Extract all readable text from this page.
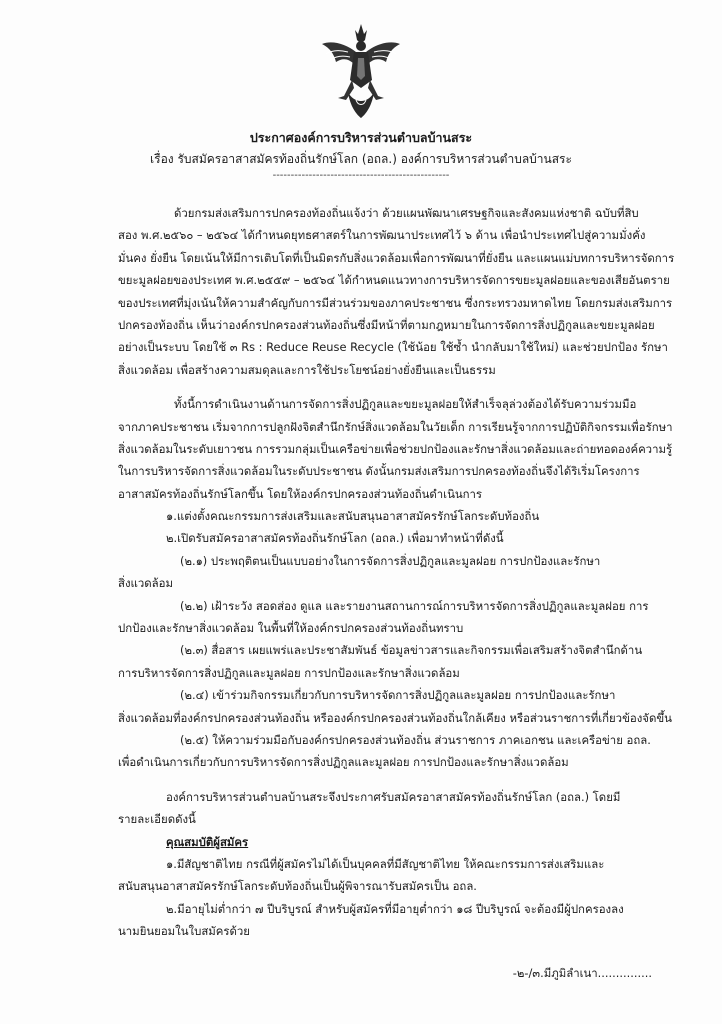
ประกาศองค์การบริหารส่วนตำบลบ้านสระ
เรื่อง รับสมัครอาสาสมัครท้องถิ่นรักษ์โลก (อถล.) องค์การบริหารส่วนตำบลบ้านสระ
-------------------------------------------------
ด้วยกรมส่งเสริมการปกครองท้องถิ่นแจ้งว่า ด้วยแผนพัฒนาเศรษฐกิจและสังคมแห่งชาติ ฉบับที่สิบ
สอง พ.ศ.๒๕๖๐ – ๒๕๖๔ ได้กำหนดยุทธศาสตร์ในการพัฒนาประเทศไว้ ๖ ด้าน เพื่อนำประเทศไปสู่ความมั่งคั่ง
มั่นคง ยั่งยืน โดยเน้นให้มีการเติบโตที่เป็นมิตรกับสิ่งแวดล้อมเพื่อการพัฒนาที่ยั่งยืน และแผนแม่บทการบริหารจัดการ
ขยะมูลฝอยของประเทศ พ.ศ.๒๕๕๙ – ๒๕๖๔ ได้กำหนดแนวทางการบริหารจัดการขยะมูลฝอยและของเสียอันตราย
ของประเทศที่มุ่งเน้นให้ความสำคัญกับการมีส่วนร่วมของภาคประชาชน ซึ่งกระทรวงมหาดไทย โดยกรมส่งเสริมการ
ปกครองท้องถิ่น เห็นว่าองค์กรปกครองส่วนท้องถิ่นซึ่งมีหน้าที่ตามกฎหมายในการจัดการสิ่งปฏิกูลและขยะมูลฝอย
อย่างเป็นระบบ โดยใช้ ๓ Rs : Reduce Reuse Recycle (ใช้น้อย ใช้ซ้ำ นำกลับมาใช้ใหม่) และช่วยปกป้อง รักษา
สิ่งแวดล้อม เพื่อสร้างความสมดุลและการใช้ประโยชน์อย่างยั่งยืนและเป็นธรรม
ทั้งนี้การดำเนินงานด้านการจัดการสิ่งปฏิกูลและขยะมูลฝอยให้สำเร็จลุล่วงต้องได้รับความร่วมมือ
จากภาคประชาชน เริ่มจากการปลูกฝังจิตสำนึกรักษ์สิ่งแวดล้อมในวัยเด็ก การเรียนรู้จากการปฏิบัติกิจกรรมเพื่อรักษา
สิ่งแวดล้อมในระดับเยาวชน การรวมกลุ่มเป็นเครือข่ายเพื่อช่วยปกป้องและรักษาสิ่งแวดล้อมและถ่ายทอดองค์ความรู้
ในการบริหารจัดการสิ่งแวดล้อมในระดับประชาชน ดังนั้นกรมส่งเสริมการปกครองท้องถิ่นจึงได้ริเริ่มโครงการ
อาสาสมัครท้องถิ่นรักษ์โลกขึ้น โดยให้องค์กรปกครองส่วนท้องถิ่นดำเนินการ
๑.แต่งตั้งคณะกรรมการส่งเสริมและสนับสนุนอาสาสมัครรักษ์โลกระดับท้องถิ่น
๒.เปิดรับสมัครอาสาสมัครท้องถิ่นรักษ์โลก (อถล.) เพื่อมาทำหน้าที่ดังนี้
(๒.๑) ประพฤติตนเป็นแบบอย่างในการจัดการสิ่งปฏิกูลและมูลฝอย การปกป้องและรักษา
สิ่งแวดล้อม
(๒.๒) เฝ้าระวัง สอดส่อง ดูแล และรายงานสถานการณ์การบริหารจัดการสิ่งปฏิกูลและมูลฝอย การ
ปกป้องและรักษาสิ่งแวดล้อม ในพื้นที่ให้องค์กรปกครองส่วนท้องถิ่นทราบ
(๒.๓) สื่อสาร เผยแพร่และประชาสัมพันธ์ ข้อมูลข่าวสารและกิจกรรมเพื่อเสริมสร้างจิตสำนึกด้าน
การบริหารจัดการสิ่งปฏิกูลและมูลฝอย การปกป้องและรักษาสิ่งแวดล้อม
(๒.๔) เข้าร่วมกิจกรรมเกี่ยวกับการบริหารจัดการสิ่งปฏิกูลและมูลฝอย การปกป้องและรักษา
สิ่งแวดล้อมที่องค์กรปกครองส่วนท้องถิ่น หรือองค์กรปกครองส่วนท้องถิ่นใกล้เคียง หรือส่วนราชการที่เกี่ยวข้องจัดขึ้น
(๒.๕) ให้ความร่วมมือกับองค์กรปกครองส่วนท้องถิ่น ส่วนราชการ ภาคเอกชน และเครือข่าย อถล.
เพื่อดำเนินการเกี่ยวกับการบริหารจัดการสิ่งปฏิกูลและมูลฝอย การปกป้องและรักษาสิ่งแวดล้อม
องค์การบริหารส่วนตำบลบ้านสระจึงประกาศรับสมัครอาสาสมัครท้องถิ่นรักษ์โลก (อถล.) โดยมี
รายละเอียดดังนี้
คุณสมบัติผู้สมัคร
๑.มีสัญชาติไทย กรณีที่ผู้สมัครไม่ได้เป็นบุคคลที่มีสัญชาติไทย ให้คณะกรรมการส่งเสริมและ
สนับสนุนอาสาสมัครรักษ์โลกระดับท้องถิ่นเป็นผู้พิจารณารับสมัครเป็น อถล.
๒.มีอายุไม่ต่ำกว่า ๗ ปีบริบูรณ์ สำหรับผู้สมัครที่มีอายุต่ำกว่า ๑๘ ปีบริบูรณ์ จะต้องมีผู้ปกครองลง
นามยินยอมในใบสมัครด้วย
-๒-/๓.มีภูมิลำเนา...............
